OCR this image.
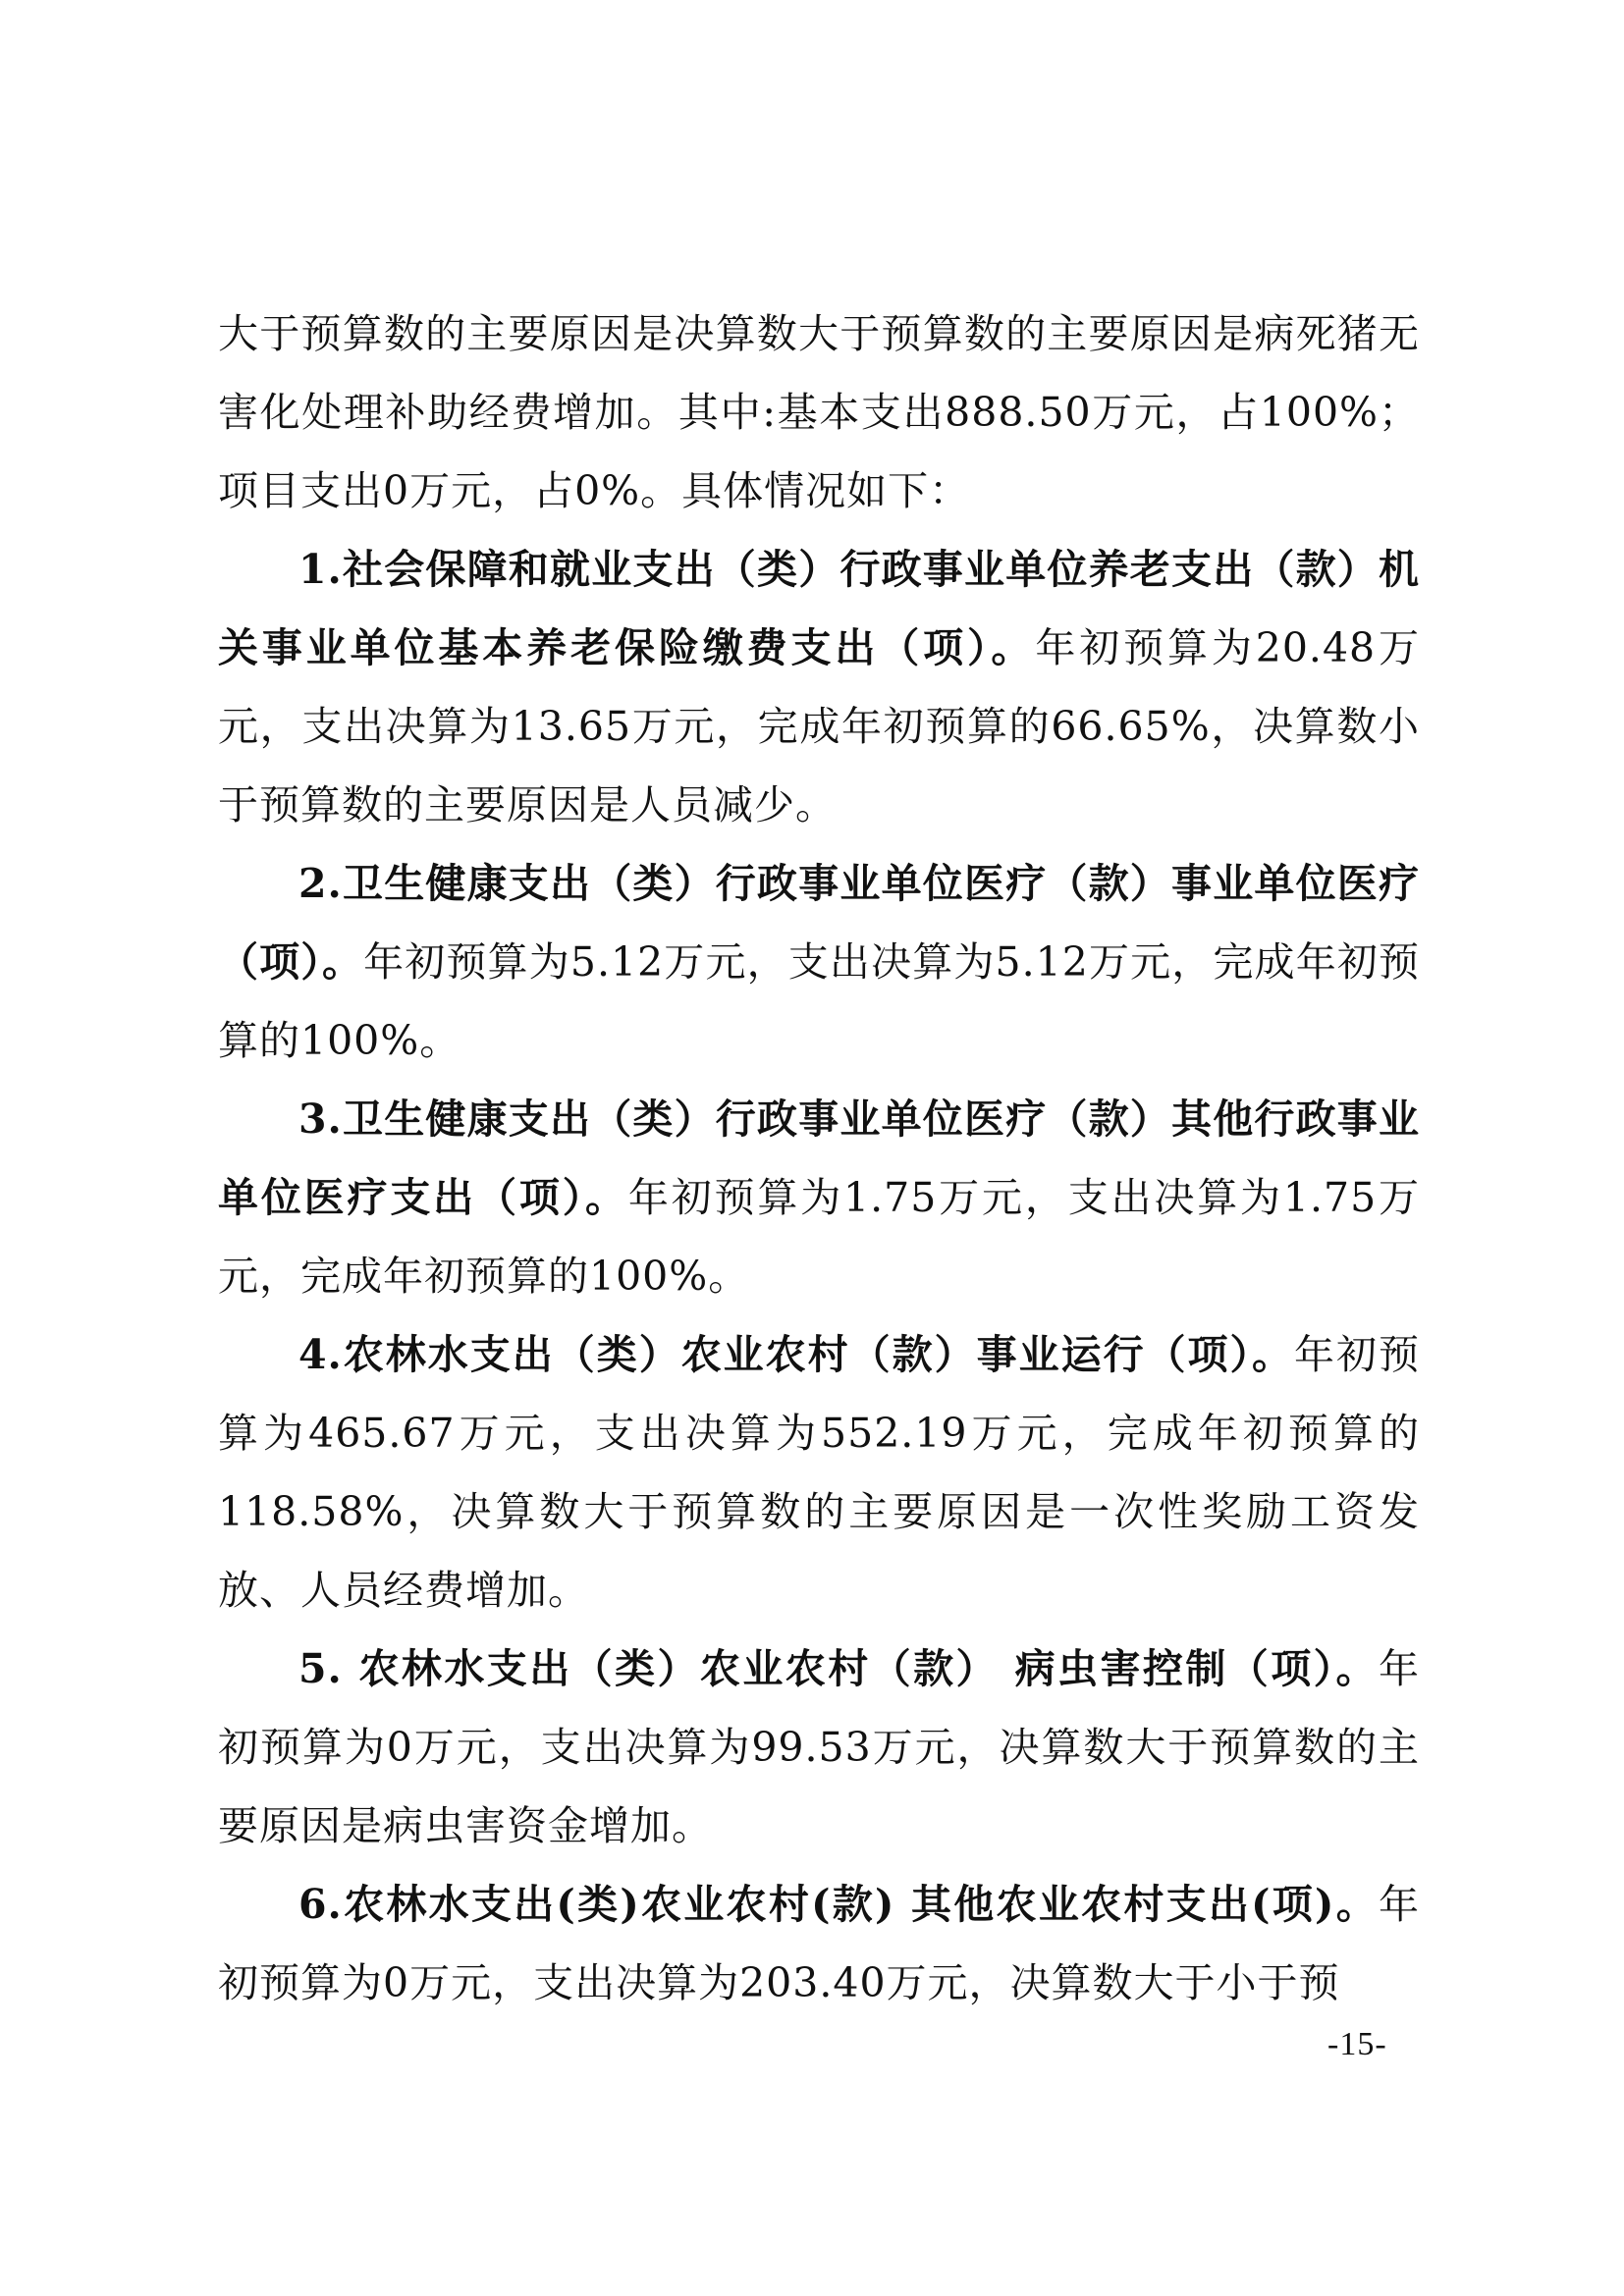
大于预算数的主要原因是决算数大于预算数的主要原因是病死猪无害化处理补助经费增加。其中:基本支出888.50万元，占100%；项目支出0万元，占0%。具体情况如下：

1.社会保障和就业支出（类）行政事业单位养老支出（款）机关事业单位基本养老保险缴费支出（项）。年初预算为20.48万元，支出决算为13.65万元，完成年初预算的66.65%，决算数小于预算数的主要原因是人员减少。

2.卫生健康支出（类）行政事业单位医疗（款）事业单位医疗（项）。年初预算为5.12万元，支出决算为5.12万元，完成年初预算的100%。

3.卫生健康支出（类）行政事业单位医疗（款）其他行政事业单位医疗支出（项）。年初预算为1.75万元，支出决算为1.75万元，完成年初预算的100%。

4.农林水支出（类）农业农村（款）事业运行（项）。年初预算为465.67万元，支出决算为552.19万元，完成年初预算的118.58%，决算数大于预算数的主要原因是一次性奖励工资发放、人员经费增加。

5. 农林水支出（类）农业农村（款） 病虫害控制（项）。年初预算为0万元，支出决算为99.53万元，决算数大于预算数的主要原因是病虫害资金增加。

6.农林水支出(类)农业农村(款) 其他农业农村支出(项)。年初预算为0万元，支出决算为203.40万元，决算数大于小于预

-15-
